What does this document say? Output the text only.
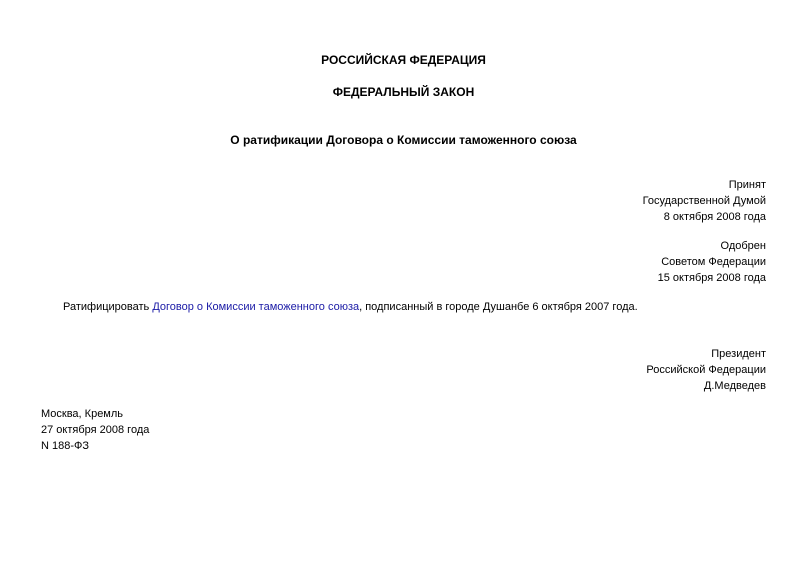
РОССИЙСКАЯ ФЕДЕРАЦИЯ
ФЕДЕРАЛЬНЫЙ ЗАКОН
О ратификации Договора о Комиссии таможенного союза
Принят
Государственной Думой
8 октября 2008 года
Одобрен
Советом Федерации
15 октября 2008 года
Ратифицировать Договор о Комиссии таможенного союза, подписанный в городе Душанбе 6 октября 2007 года.
Президент
Российской Федерации
Д.Медведев
Москва, Кремль
27 октября 2008 года
N 188-ФЗ
